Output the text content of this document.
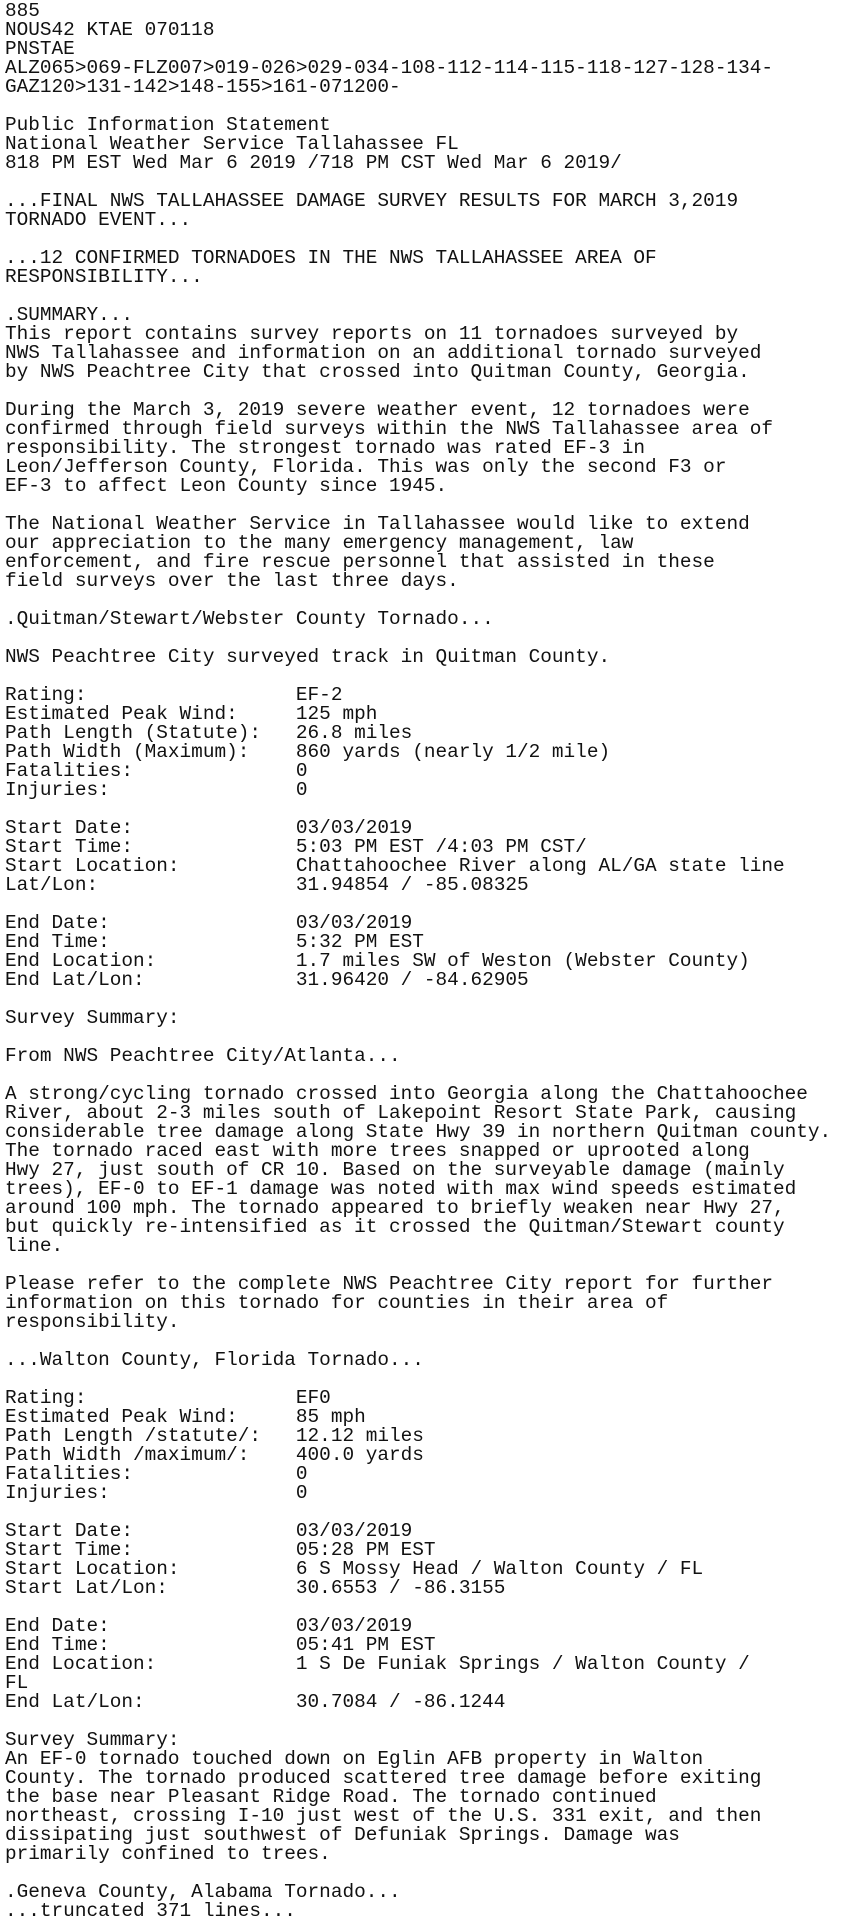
885
NOUS42 KTAE 070118
PNSTAE
ALZ065>069-FLZ007>019-026>029-034-108-112-114-115-118-127-128-134-
GAZ120>131-142>148-155>161-071200-

Public Information Statement
National Weather Service Tallahassee FL
818 PM EST Wed Mar 6 2019 /718 PM CST Wed Mar 6 2019/

...FINAL NWS TALLAHASSEE DAMAGE SURVEY RESULTS FOR MARCH 3,2019
TORNADO EVENT...

...12 CONFIRMED TORNADOES IN THE NWS TALLAHASSEE AREA OF
RESPONSIBILITY...

.SUMMARY...
This report contains survey reports on 11 tornadoes surveyed by
NWS Tallahassee and information on an additional tornado surveyed
by NWS Peachtree City that crossed into Quitman County, Georgia.

During the March 3, 2019 severe weather event, 12 tornadoes were
confirmed through field surveys within the NWS Tallahassee area of
responsibility. The strongest tornado was rated EF-3 in
Leon/Jefferson County, Florida. This was only the second F3 or
EF-3 to affect Leon County since 1945.

The National Weather Service in Tallahassee would like to extend
our appreciation to the many emergency management, law
enforcement, and fire rescue personnel that assisted in these
field surveys over the last three days.

.Quitman/Stewart/Webster County Tornado...

NWS Peachtree City surveyed track in Quitman County.

Rating:                  EF-2
Estimated Peak Wind:     125 mph
Path Length (Statute):   26.8 miles
Path Width (Maximum):    860 yards (nearly 1/2 mile)
Fatalities:              0
Injuries:                0

Start Date:              03/03/2019
Start Time:              5:03 PM EST /4:03 PM CST/
Start Location:          Chattahoochee River along AL/GA state line
Lat/Lon:                 31.94854 / -85.08325

End Date:                03/03/2019
End Time:                5:32 PM EST
End Location:            1.7 miles SW of Weston (Webster County)
End Lat/Lon:             31.96420 / -84.62905

Survey Summary:

From NWS Peachtree City/Atlanta...

A strong/cycling tornado crossed into Georgia along the Chattahoochee
River, about 2-3 miles south of Lakepoint Resort State Park, causing
considerable tree damage along State Hwy 39 in northern Quitman county.
The tornado raced east with more trees snapped or uprooted along
Hwy 27, just south of CR 10. Based on the surveyable damage (mainly
trees), EF-0 to EF-1 damage was noted with max wind speeds estimated
around 100 mph. The tornado appeared to briefly weaken near Hwy 27,
but quickly re-intensified as it crossed the Quitman/Stewart county
line.

Please refer to the complete NWS Peachtree City report for further
information on this tornado for counties in their area of
responsibility.

...Walton County, Florida Tornado...

Rating:                  EF0
Estimated Peak Wind:     85 mph
Path Length /statute/:   12.12 miles
Path Width /maximum/:    400.0 yards
Fatalities:              0
Injuries:                0

Start Date:              03/03/2019
Start Time:              05:28 PM EST
Start Location:          6 S Mossy Head / Walton County / FL
Start Lat/Lon:           30.6553 / -86.3155

End Date:                03/03/2019
End Time:                05:41 PM EST
End Location:            1 S De Funiak Springs / Walton County /
FL
End Lat/Lon:             30.7084 / -86.1244

Survey Summary:
An EF-0 tornado touched down on Eglin AFB property in Walton
County. The tornado produced scattered tree damage before exiting
the base near Pleasant Ridge Road. The tornado continued
northeast, crossing I-10 just west of the U.S. 331 exit, and then
dissipating just southwest of Defuniak Springs. Damage was
primarily confined to trees.

.Geneva County, Alabama Tornado...
...truncated 371 lines...
